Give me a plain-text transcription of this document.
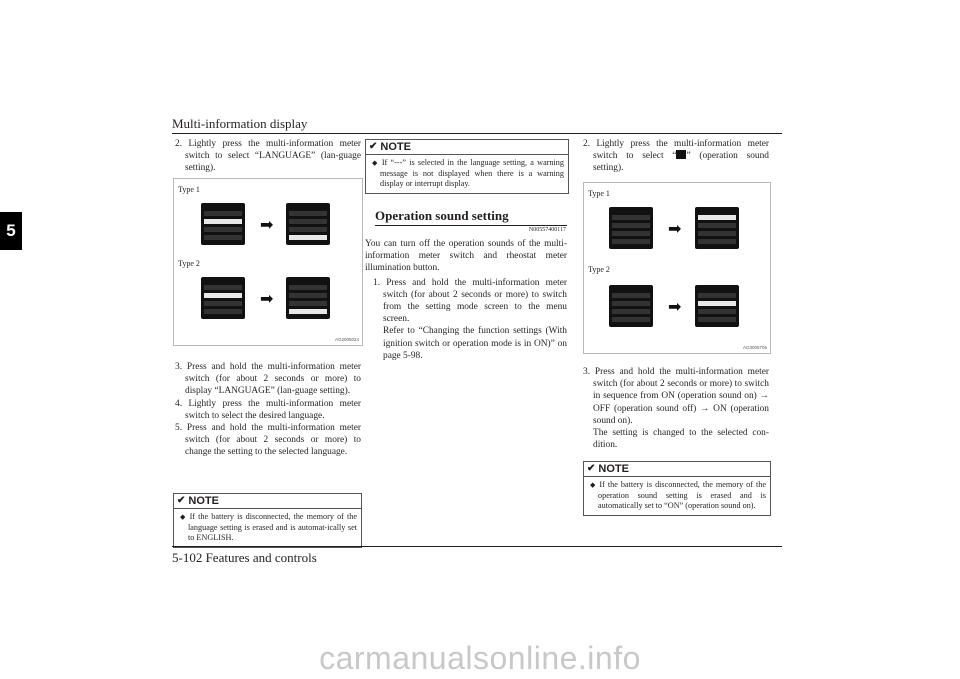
Multi-information display
5

2. Lightly press the multi-information meter switch to select “LANGUAGE” (lan-guage setting).

Type 1
Type 2
➡
➡
AG2005024

3. Press and hold the multi-information meter switch (for about 2 seconds or more) to display “LANGUAGE” (lan-guage setting).

4. Lightly press the multi-information meter switch to select the desired language.

5. Press and hold the multi-information meter switch (for about 2 seconds or more) to change the setting to the selected language.

✔ NOTE
◆ If the battery is disconnected, the memory of the language setting is erased and is automat-ically set to ENGLISH.
✔ NOTE
◆ If “---” is selected in the language setting, a warning message is not displayed when there is a warning display or interrupt display.
Operation sound setting
N00557400117

You can turn off the operation sounds of the multi-information meter switch and rheostat meter illumination button.

1. Press and hold the multi-information meter switch (for about 2 seconds or more) to switch from the setting mode screen to the menu screen.

Refer to “Changing the function settings (With ignition switch or operation mode is in ON)” on page 5-98.

2. Lightly press the multi-information meter switch to select “ ” (operation sound setting).

Type 1
Type 2
➡
➡
AG3005705

3. Press and hold the multi-information meter switch (for about 2 seconds or more) to switch in sequence from ON (operation sound on) → OFF (operation sound off) → ON (operation sound on).

The setting is changed to the selected con-dition.

✔ NOTE
◆ If the battery is disconnected, the memory of the operation sound setting is erased and is automatically set to “ON” (operation sound on).
5-102 Features and controls
carmanualsonline.info
